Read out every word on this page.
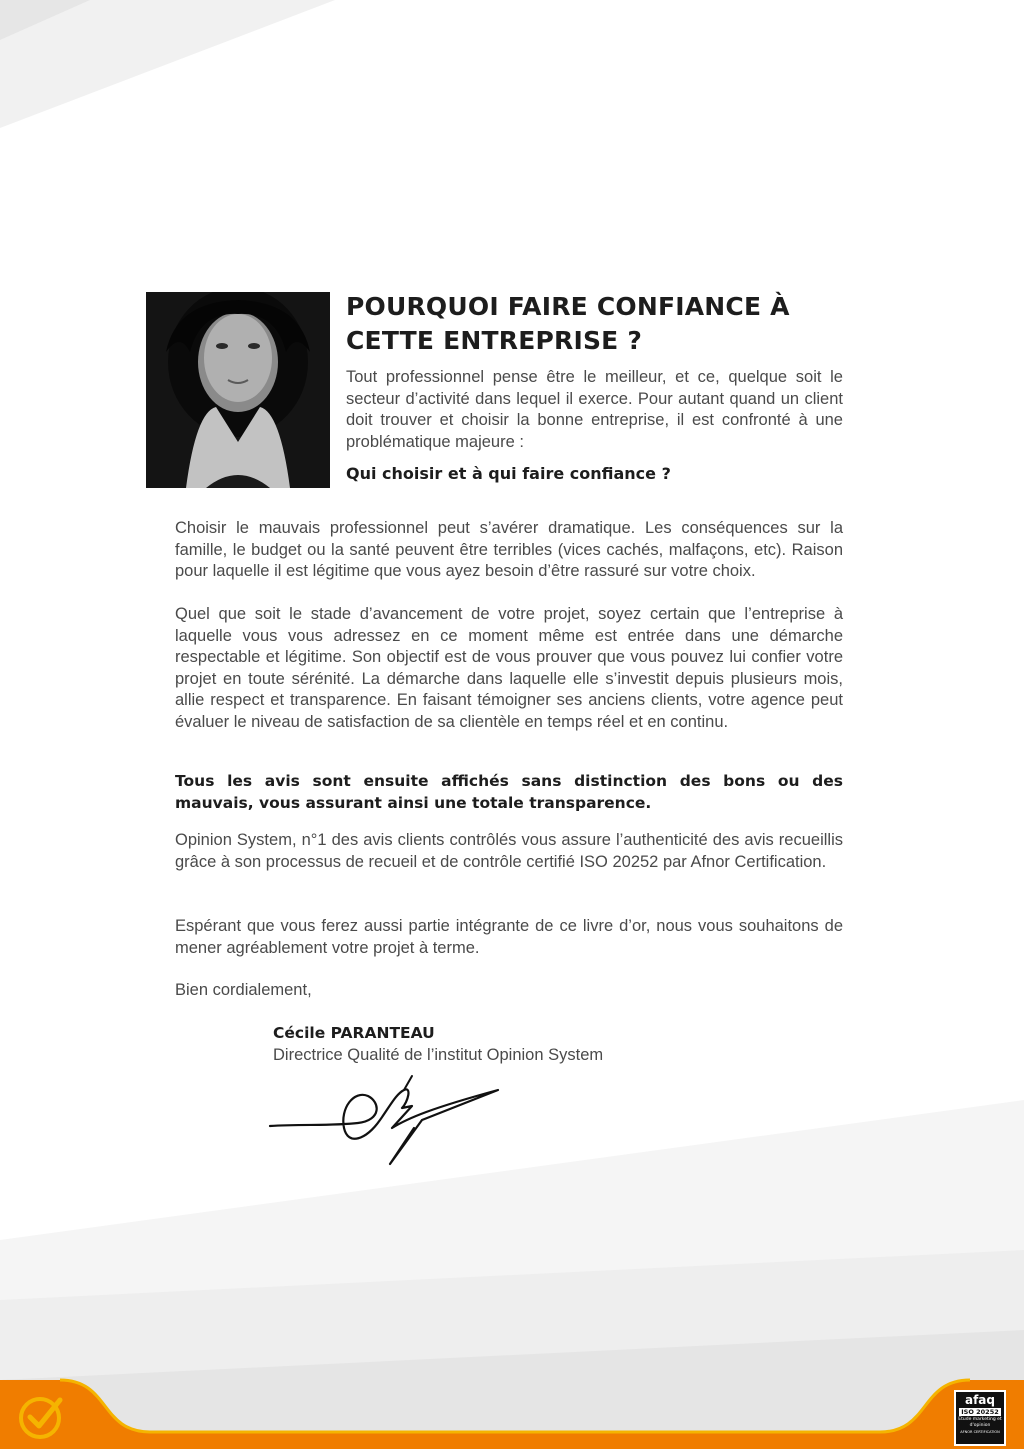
POURQUOI FAIRE CONFIANCE À
CETTE ENTREPRISE ?

Tout professionnel pense être le meilleur, et ce, quelque soit le secteur d’activité dans lequel il exerce. Pour autant quand un client doit trouver et choisir la bonne entreprise, il est confronté à une problématique majeure :

Qui choisir et à qui faire confiance ?

Choisir le mauvais professionnel peut s’avérer dramatique. Les conséquences sur la famille, le budget ou la santé peuvent être terribles (vices cachés, malfaçons, etc). Raison pour laquelle il est légitime que vous ayez besoin d’être rassuré sur votre choix.

Quel que soit le stade d’avancement de votre projet, soyez certain que l’entreprise à laquelle vous vous adressez en ce moment même est entrée dans une démarche respectable et légitime. Son objectif est de vous prouver que vous pouvez lui confier votre projet en toute sérénité. La démarche dans laquelle elle s’investit depuis plusieurs mois, allie respect et transparence. En faisant témoigner ses anciens clients, votre agence peut évaluer le niveau de satisfaction de sa clientèle en temps réel et en continu.

Tous les avis sont ensuite affichés sans distinction des bons ou des mauvais, vous assurant ainsi une totale transparence.

Opinion System, n°1 des avis clients contrôlés vous assure l’authenticité des avis recueillis grâce à son processus de recueil et de contrôle certifié ISO 20252 par Afnor Certification.

Espérant que vous ferez aussi partie intégrante de ce livre d’or, nous vous souhaitons de mener agréablement votre projet à terme.

Bien cordialement,

Cécile PARANTEAU

Directrice Qualité de l’institut Opinion System

afaq
ISO 20252
Etude marketing et d'opinion
AFNOR CERTIFICATION
